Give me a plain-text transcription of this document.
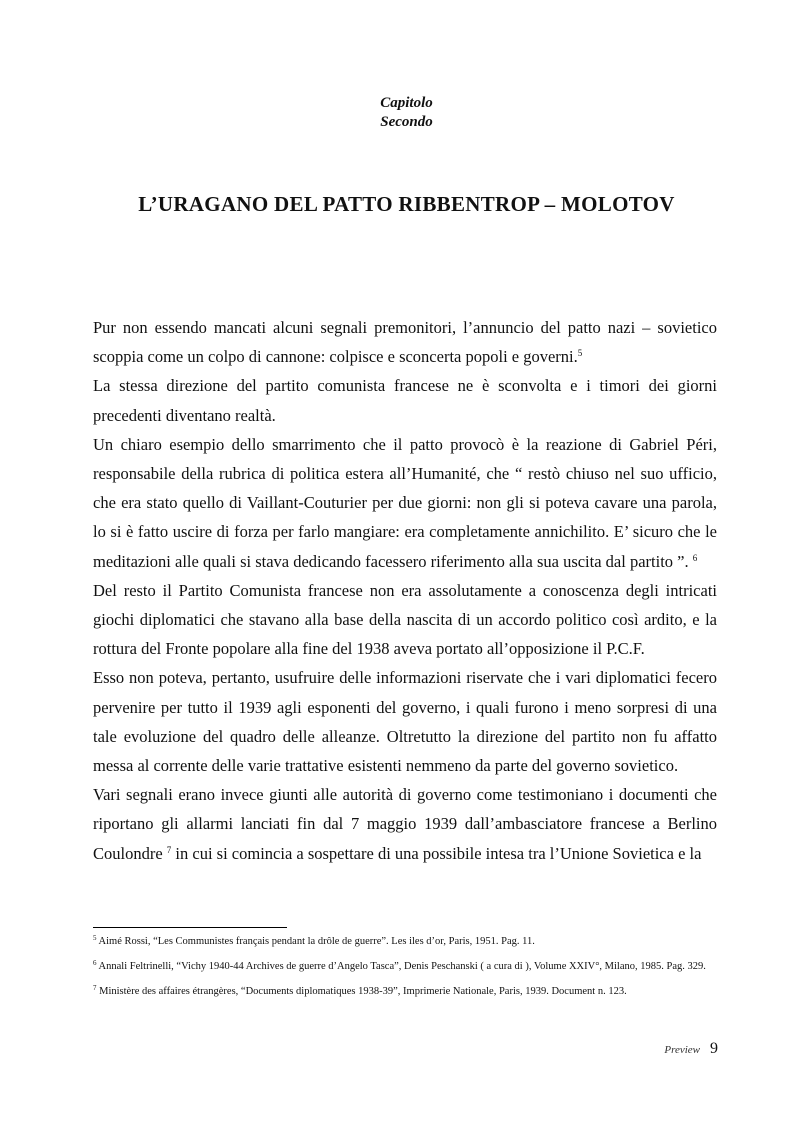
Capitolo
Secondo
L’URAGANO DEL PATTO RIBBENTROP – MOLOTOV

Pur non essendo mancati alcuni segnali premonitori, l’annuncio del patto nazi – sovietico scoppia come un colpo di cannone: colpisce e sconcerta popoli e governi.$^5$

La stessa direzione del partito comunista francese ne è sconvolta e i timori dei giorni precedenti diventano realtà.

Un chiaro esempio dello smarrimento che il patto provocò è la reazione di Gabriel Péri, responsabile della rubrica di politica estera all’Humanité, che “ restò chiuso nel suo ufficio, che era stato quello di Vaillant-Couturier per due giorni: non gli si poteva cavare una parola, lo si è fatto uscire di forza per farlo mangiare: era completamente annichilito. E’ sicuro che le meditazioni alle quali si stava dedicando facessero riferimento alla sua uscita dal partito ”. $^6$

Del resto il Partito Comunista francese non era assolutamente a conoscenza degli intricati giochi diplomatici che stavano alla base della nascita di un accordo politico così ardito, e la rottura del Fronte popolare alla fine del 1938 aveva portato all’opposizione il P.C.F.

Esso non poteva, pertanto, usufruire delle informazioni riservate che i vari diplomatici fecero pervenire per tutto il 1939 agli esponenti del governo, i quali furono i meno sorpresi di una tale evoluzione del quadro delle alleanze. Oltretutto la direzione del partito non fu affatto messa al corrente delle varie trattative esistenti nemmeno da parte del governo sovietico.

Vari segnali erano invece giunti alle autorità di governo come testimoniano i documenti che riportano gli allarmi lanciati fin dal 7 maggio 1939 dall’ambasciatore francese a Berlino Coulondre $^7$ in cui si comincia a sospettare di una possibile intesa tra l’Unione Sovietica e la

$^5$ Aimé Rossi, “Les Communistes français pendant la drôle de guerre”. Les iles d’or, Paris, 1951. Pag. 11.

$^6$ Annali Feltrinelli, “Vichy 1940-44 Archives de guerre d’Angelo Tasca”, Denis Peschanski ( a cura di ), Volume XXIV°, Milano, 1985. Pag. 329.

$^7$ Ministère des affaires étrangères, “Documents diplomatiques 1938-39”, Imprimerie Nationale, Paris, 1939. Document n. 123.

Preview 9
